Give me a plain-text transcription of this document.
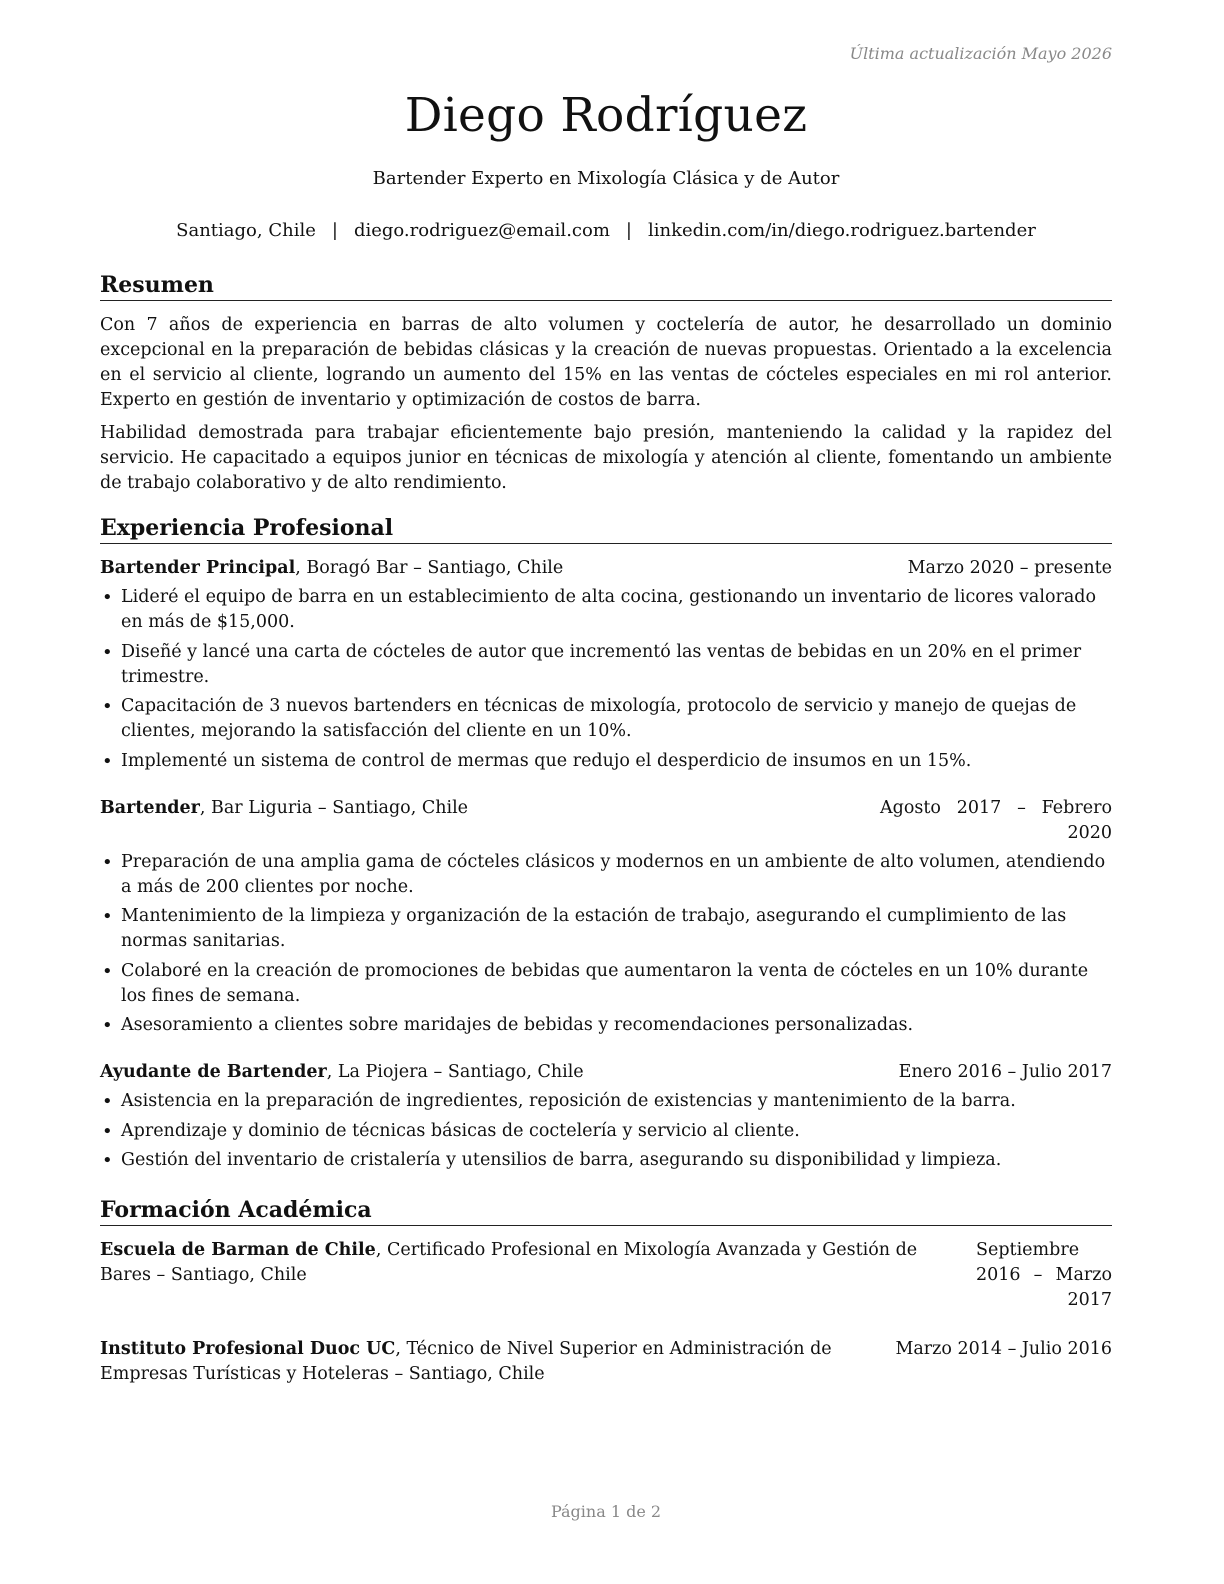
Última actualización Mayo 2026
Diego Rodríguez
Bartender Experto en Mixología Clásica y de Autor
Santiago, Chile | diego.rodriguez@email.com | linkedin.com/in/diego.rodriguez.bartender
Resumen

Con 7 años de experiencia en barras de alto volumen y coctelería de autor, he desarrollado un dominio excepcional en la preparación de bebidas clásicas y la creación de nuevas propuestas. Orientado a la excelencia en el servicio al cliente, logrando un aumento del 15% en las ventas de cócteles especiales en mi rol anterior. Experto en gestión de inventario y optimización de costos de barra.

Habilidad demostrada para trabajar eficientemente bajo presión, manteniendo la calidad y la rapidez del servicio. He capacitado a equipos junior en técnicas de mixología y atención al cliente, fomentando un ambiente de trabajo colaborativo y de alto rendimiento.

Experiencia Profesional
Bartender Principal, Boragó Bar – Santiago, Chile	Marzo 2020 – presente
• Lideré el equipo de barra en un establecimiento de alta cocina, gestionando un inventario de licores valorado en más de $15,000.
• Diseñé y lancé una carta de cócteles de autor que incrementó las ventas de bebidas en un 20% en el primer trimestre.
• Capacitación de 3 nuevos bartenders en técnicas de mixología, protocolo de servicio y manejo de quejas de clientes, mejorando la satisfacción del cliente en un 10%.
• Implementé un sistema de control de mermas que redujo el desperdicio de insumos en un 15%.
Bartender, Bar Liguria – Santiago, Chile	Agosto 2017 – Febrero 2020
• Preparación de una amplia gama de cócteles clásicos y modernos en un ambiente de alto volumen, atendiendo a más de 200 clientes por noche.
• Mantenimiento de la limpieza y organización de la estación de trabajo, asegurando el cumplimiento de las normas sanitarias.
• Colaboré en la creación de promociones de bebidas que aumentaron la venta de cócteles en un 10% durante los fines de semana.
• Asesoramiento a clientes sobre maridajes de bebidas y recomendaciones personalizadas.
Ayudante de Bartender, La Piojera – Santiago, Chile	Enero 2016 – Julio 2017
• Asistencia en la preparación de ingredientes, reposición de existencias y mantenimiento de la barra.
• Aprendizaje y dominio de técnicas básicas de coctelería y servicio al cliente.
• Gestión del inventario de cristalería y utensilios de barra, asegurando su disponibilidad y limpieza.
Formación Académica
Escuela de Barman de Chile, Certificado Profesional en Mixología Avanzada y Gestión de Bares – Santiago, Chile
Septiembre 2016 – Marzo 2017
Instituto Profesional Duoc UC, Técnico de Nivel Superior en Administración de Empresas Turísticas y Hoteleras – Santiago, Chile
Marzo 2014 – Julio 2016
Página 1 de 2
